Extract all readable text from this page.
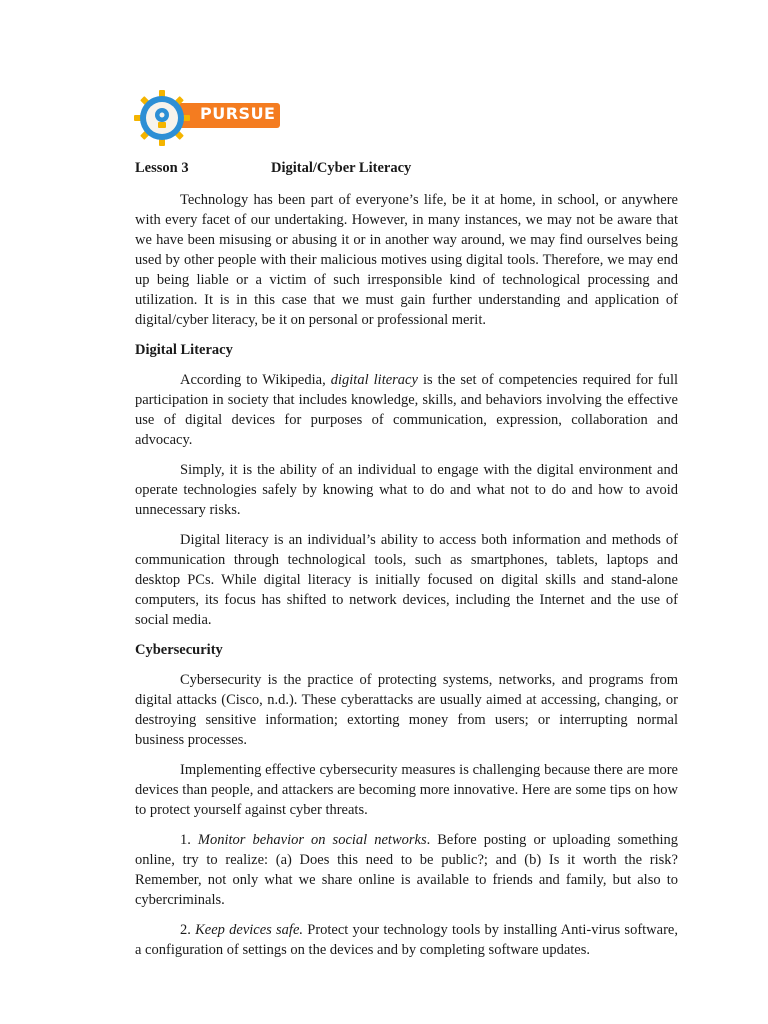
PURSUE
Lesson 3	Digital/Cyber Literacy

Technology has been part of everyone’s life, be it at home, in school, or anywhere with every facet of our undertaking. However, in many instances, we may not be aware that we have been misusing or abusing it or in another way around, we may find ourselves being used by other people with their malicious motives using digital tools. Therefore, we may end up being liable or a victim of such irresponsible kind of technological processing and utilization. It is in this case that we must gain further understanding and application of digital/cyber literacy, be it on personal or professional merit.

Digital Literacy

According to Wikipedia, digital literacy is the set of competencies required for full participation in society that includes knowledge, skills, and behaviors involving the effective use of digital devices for purposes of communication, expression, collaboration and advocacy.

Simply, it is the ability of an individual to engage with the digital environment and operate technologies safely by knowing what to do and what not to do and how to avoid unnecessary risks.

Digital literacy is an individual’s ability to access both information and methods of communication through technological tools, such as smartphones, tablets, laptops and desktop PCs. While digital literacy is initially focused on digital skills and stand-alone computers, its focus has shifted to network devices, including the Internet and the use of social media.

Cybersecurity

Cybersecurity is the practice of protecting systems, networks, and programs from digital attacks (Cisco, n.d.). These cyberattacks are usually aimed at accessing, changing, or destroying sensitive information; extorting money from users; or interrupting normal business processes.

Implementing effective cybersecurity measures is challenging because there are more devices than people, and attackers are becoming more innovative. Here are some tips on how to protect yourself against cyber threats.

1. Monitor behavior on social networks. Before posting or uploading something online, try to realize: (a) Does this need to be public?; and (b) Is it worth the risk? Remember, not only what we share online is available to friends and family, but also to cybercriminals.

2. Keep devices safe. Protect your technology tools by installing Anti-virus software, a configuration of settings on the devices and by completing software updates.
